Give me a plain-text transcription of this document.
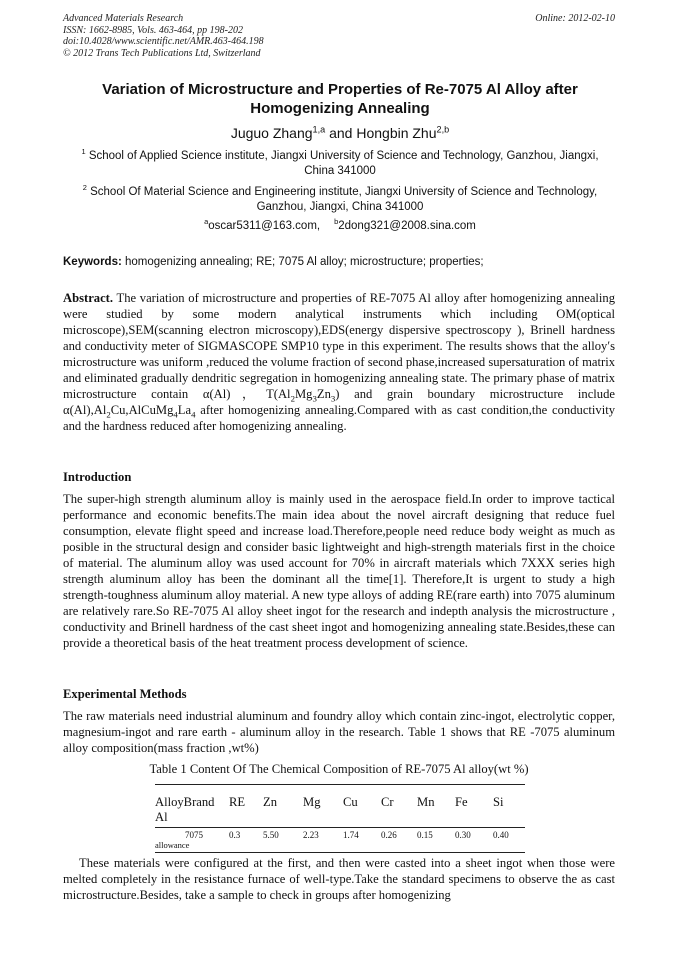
Advanced Materials Research
ISSN: 1662-8985, Vols. 463-464, pp 198-202
doi:10.4028/www.scientific.net/AMR.463-464.198
© 2012 Trans Tech Publications Ltd, Switzerland
Online: 2012-02-10
Variation of Microstructure and Properties of Re-7075 Al Alloy after Homogenizing Annealing
Juguo Zhang$^{1,a}$ and Hongbin Zhu$^{2,b}$
$^1$ School of Applied Science institute, Jiangxi University of Science and Technology, Ganzhou, Jiangxi, China 341000
$^2$ School Of Material Science and Engineering institute, Jiangxi University of Science and Technology, Ganzhou, Jiangxi, China 341000
$^a$oscar5311@163.com, $^b$2dong321@2008.sina.com
Keywords: homogenizing annealing; RE; 7075 Al alloy; microstructure; properties;
Abstract. The variation of microstructure and properties of RE-7075 Al alloy after homogenizing annealing were studied by some modern analytical instruments which including OM(optical microscope),SEM(scanning electron microscopy),EDS(energy dispersive spectroscopy ), Brinell hardness and conductivity meter of SIGMASCOPE SMP10 type in this experiment. The results shows that the alloy′s microstructure was uniform ,reduced the volume fraction of second phase,increased supersaturation of matrix and eliminated gradually dendritic segregation in homogenizing annealing state. The primary phase of matrix microstructure contain α(Al)，$T(Al_2Mg_3Zn_3)$ and grain boundary microstructure include $\alpha(Al),Al_2Cu,AlCuMg_4La_4$ after homogenizing annealing.Compared with as cast condition,the conductivity and the hardness reduced after homogenizing annealing.
Introduction
The super-high strength aluminum alloy is mainly used in the aerospace field.In order to improve tactical performance and economic benefits.The main idea about the novel aircraft designing that reduce fuel consumption, elevate flight speed and increase load.Therefore,people need reduce body weight as much as posible in the structural design and consider basic lightweight and high-strength materials first in the choice of material. The aluminum alloy was used account for 70% in aircraft materials which 7XXX series high strength aluminum alloy has been the dominant all the time[1]. Therefore,It is urgent to study a high strength-toughness aluminum alloy material. A new type alloys of adding RE(rare earth) into 7075 aluminum are relatively rare.So RE-7075 Al alloy sheet ingot for the research and indepth analysis the microstructure , conductivity and Brinell hardness of the cast sheet ingot and homogenizing annealing state.Besides,these can provide a theoretical basis of the heat treatment process development of science.
Experimental Methods
The raw materials need industrial aluminum and foundry alloy which contain zinc-ingot, electrolytic copper, magnesium-ingot and rare earth - aluminum alloy in the research. Table 1 shows that RE -7075 aluminum alloy composition(mass fraction ,wt%)
Table 1 Content Of The Chemical Composition of RE-7075 Al alloy(wt %)
AlloyBrand Al	RE	Zn	Mg	Cu	Cr	Mn	Fe	Si

7075
allowance	0.3	5.50	2.23	1.74	0.26	0.15	0.30	0.40
These materials were configured at the first, and then were casted into a sheet ingot when those were melted completely in the resistance furnace of well-type.Take the standard specimens to observe the as cast microstructure.Besides, take a sample to check in groups after homogenizing
